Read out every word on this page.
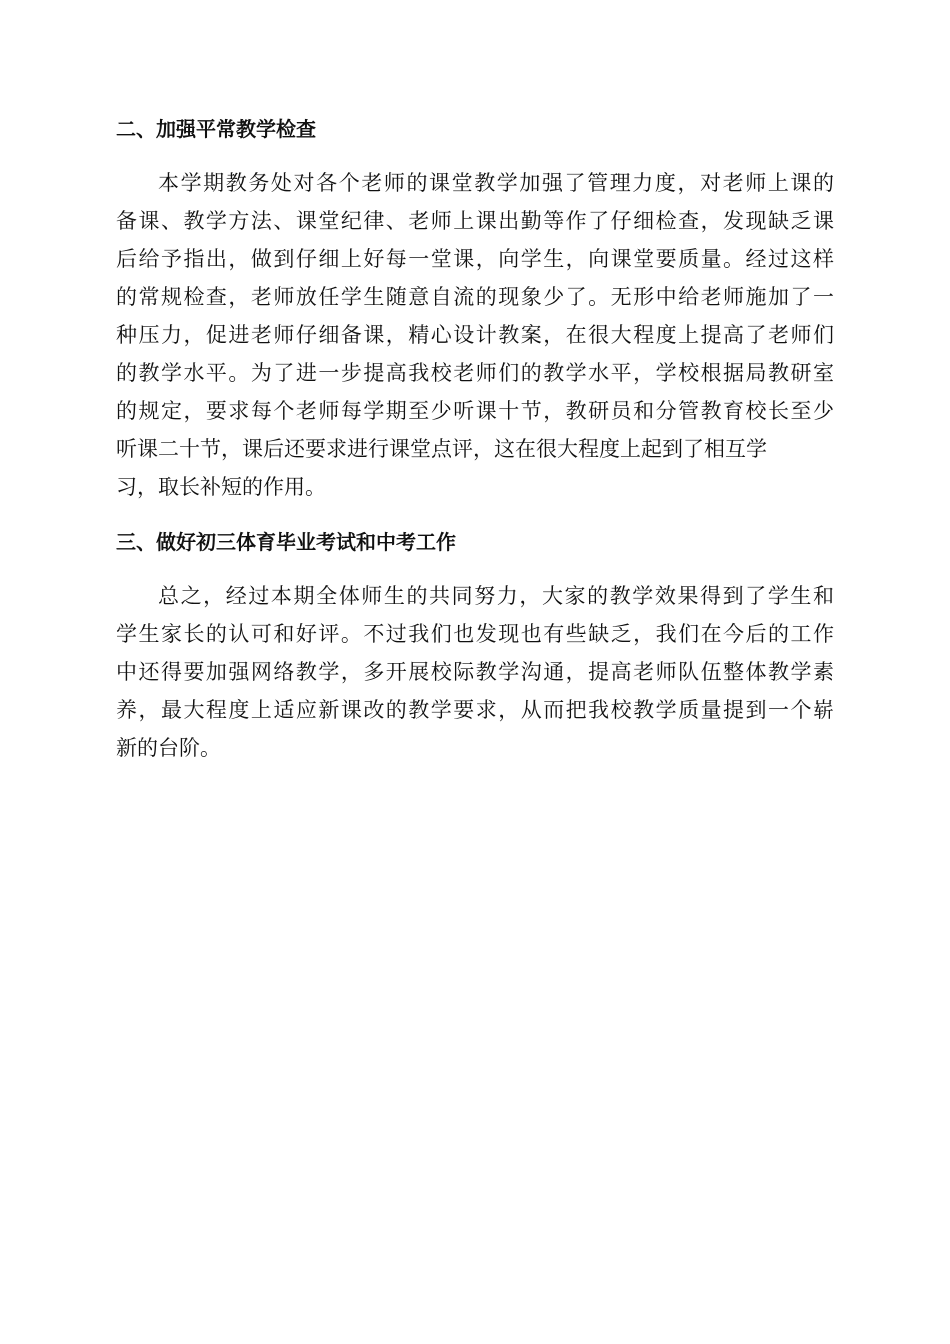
二、加强平常教学检查
本学期教务处对各个老师的课堂教学加强了管理力度，对老师上课的
备课、教学方法、课堂纪律、老师上课出勤等作了仔细检查，发现缺乏课
后给予指出，做到仔细上好每一堂课，向学生，向课堂要质量。经过这样
的常规检查，老师放任学生随意自流的现象少了。无形中给老师施加了一
种压力，促进老师仔细备课，精心设计教案，在很大程度上提高了老师们
的教学水平。为了进一步提高我校老师们的教学水平，学校根据局教研室
的规定，要求每个老师每学期至少听课十节，教研员和分管教育校长至少
听课二十节，课后还要求进行课堂点评，这在很大程度上起到了相互学
习，取长补短的作用。
三、做好初三体育毕业考试和中考工作
总之，经过本期全体师生的共同努力，大家的教学效果得到了学生和
学生家长的认可和好评。不过我们也发现也有些缺乏，我们在今后的工作
中还得要加强网络教学，多开展校际教学沟通，提高老师队伍整体教学素
养，最大程度上适应新课改的教学要求，从而把我校教学质量提到一个崭
新的台阶。
